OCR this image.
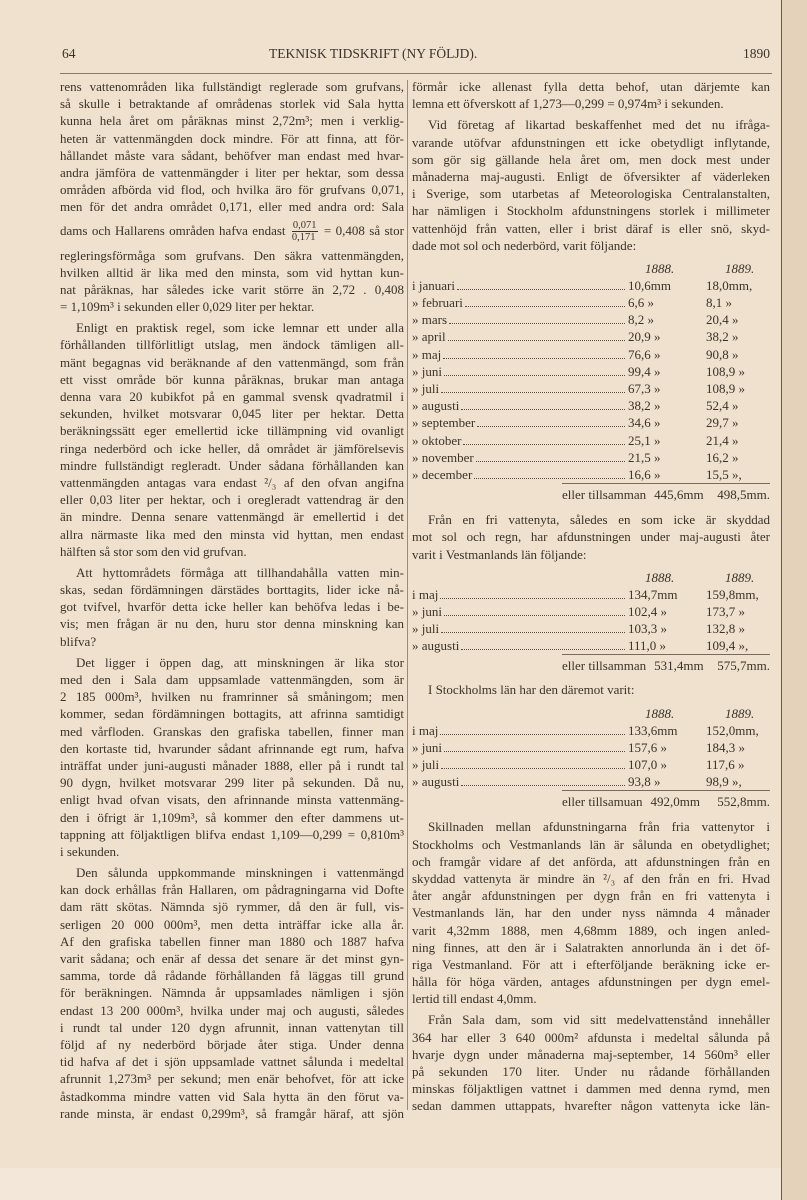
64	TEKNISK TIDSKRIFT (NY FÖLJD).	1890
rens vattenområden lika fullständigt reglerade som grufvans,
så skulle i betraktande af områdenas storlek vid Sala hytta
kunna hela året om påräknas minst 2,72m³; men i verklig-
heten är vattenmängden dock mindre. För att finna, att för-
hållandet måste vara sådant, behöfver man endast med hvar-
andra jämföra de vattenmängder i liter per hektar, som dessa
områden afbörda vid flod, och hvilka äro för grufvans 0,071,
men för det andra området 0,171, eller med andra ord: Sala
dams och Hallarens områden hafva endast $\frac{0,071}{0,171} = 0,408$ så stor
regleringsförmåga som grufvans. Den säkra vattenmängden,
hvilken alltid är lika med den minsta, som vid hyttan kun-
nat påräknas, har således icke varit större än 2,72 . 0,408
= 1,109m³ i sekunden eller 0,029 liter per hektar.
Enligt en praktisk regel, som icke lemnar ett under alla
förhållanden tillförlitligt utslag, men ändock tämligen all-
mänt begagnas vid beräknande af den vattenmängd, som från
ett visst område bör kunna påräknas, brukar man antaga
denna vara 20 kubikfot på en gammal svensk qvadratmil i
sekunden, hvilket motsvarar 0,045 liter per hektar. Detta
beräkningssätt eger emellertid icke tillämpning vid ovanligt
ringa nederbörd och icke heller, då området är jämförelsevis
mindre fullständigt regleradt. Under sådana förhållanden kan
vattenmängden antagas vara endast ²/₃ af den ofvan angifna
eller 0,03 liter per hektar, och i oregleradt vattendrag är den
än mindre. Denna senare vattenmängd är emellertid i det
allra närmaste lika med den minsta vid hyttan, men endast
hälften så stor som den vid grufvan.
Att hyttområdets förmåga att tillhandahålla vatten min-
skas, sedan fördämningen därstädes borttagits, lider icke nå-
got tvifvel, hvarför detta icke heller kan behöfva ledas i be-
vis; men frågan är nu den, huru stor denna minskning kan
blifva?
Det ligger i öppen dag, att minskningen är lika stor
med den i Sala dam uppsamlade vattenmängden, som är
2 185 000m³, hvilken nu framrinner så småningom; men
kommer, sedan fördämningen bottagits, att afrinna samtidigt
med vårfloden. Granskas den grafiska tabellen, finner man
den kortaste tid, hvarunder sådant afrinnande egt rum, hafva
inträffat under juni-augusti månader 1888, eller på i rundt tal
90 dygn, hvilket motsvarar 299 liter på sekunden. Då nu,
enligt hvad ofvan visats, den afrinnande minsta vattenmäng-
den i öfrigt är 1,109m³, så kommer den efter dammens ut-
tappning att följaktligen blifva endast 1,109—0,299 = 0,810m³
i sekunden.
Den sålunda uppkommande minskningen i vattenmängd
kan dock erhållas från Hallaren, om pådragningarna vid Dofte
dam rätt skötas. Nämnda sjö rymmer, då den är full, vis-
serligen 20 000 000m³, men detta inträffar icke alla år.
Af den grafiska tabellen finner man 1880 och 1887 hafva
varit sådana; och enär af dessa det senare är det minst gyn-
samma, torde då rådande förhållanden få läggas till grund
för beräkningen. Nämnda år uppsamlades nämligen i sjön
endast 13 200 000m³, hvilka under maj och augusti, således
i rundt tal under 120 dygn afrunnit, innan vattenytan till
följd af ny nederbörd började åter stiga. Under denna
tid hafva af det i sjön uppsamlade vattnet sålunda i medeltal
afrunnit 1,273m³ per sekund; men enär behofvet, för att icke
åstadkomma mindre vatten vid Sala hytta än den förut va-
rande minsta, är endast 0,299m³, så framgår häraf, att sjön
förmår icke allenast fylla detta behof, utan därjemte kan
lemna ett öfverskott af 1,273—0,299 = 0,974m³ i sekunden.
Vid företag af likartad beskaffenhet med det nu ifråga-
varande utöfvar afdunstningen ett icke obetydligt inflytande,
som gör sig gällande hela året om, men dock mest under
månaderna maj-augusti. Enligt de öfversikter af väderleken
i Sverige, som utarbetas af Meteorologiska Centralanstalten,
har nämligen i Stockholm afdunstningens storlek i millimeter
vattenhöjd från vatten, eller i brist däraf is eller snö, skyd-
dade mot sol och nederbörd, varit följande:
1888.	1889.
i januari	10,6mm	18,0mm,
» februari	6,6 »	8,1 »
» mars	8,2 »	20,4 »
» april	20,9 »	38,2 »
» maj	76,6 »	90,8 »
» juni	99,4 »	108,9 »
» juli	67,3 »	108,9 »
» augusti	38,2 »	52,4 »
» september	34,6 »	29,7 »
» oktober	25,1 »	21,4 »
» november	21,5 »	16,2 »
» december	16,6 »	15,5 »,
eller tillsamman 445,6mm	498,5mm.
Från en fri vattenyta, således en som icke är skyddad
mot sol och regn, har afdunstningen under maj-augusti åter
varit i Vestmanlands län följande:
1888.	1889.
i maj	134,7mm	159,8mm,
» juni	102,4 »	173,7 »
» juli	103,3 »	132,8 »
» augusti	111,0 »	109,4 »,
eller tillsamman 531,4mm	575,7mm.
I Stockholms län har den däremot varit:
1888.	1889.
i maj	133,6mm	152,0mm,
» juni	157,6 »	184,3 »
» juli	107,0 »	117,6 »
» augusti	93,8 »	98,9 »,
eller tillsamuan 492,0mm	552,8mm.
Skillnaden mellan afdunstningarna från fria vattenytor i
Stockholms och Vestmanlands län är sålunda en obetydlighet;
och framgår vidare af det anförda, att afdunstningen från en
skyddad vattenyta är mindre än ²/₃ af den från en fri. Hvad
åter angår afdunstningen per dygn från en fri vattenyta i
Vestmanlands län, har den under nyss nämnda 4 månader
varit 4,32mm 1888, men 4,68mm 1889, och ingen anled-
ning finnes, att den är i Salatrakten annorlunda än i det öf-
riga Vestmanland. För att i efterföljande beräkning icke er-
hålla för höga värden, antages afdunstningen per dygn emel-
lertid till endast 4,0mm.
Från Sala dam, som vid sitt medelvattenstånd innehåller
364 har eller 3 640 000m² afdunsta i medeltal sålunda på
hvarje dygn under månaderna maj-september, 14 560m³ eller
på sekunden 170 liter. Under nu rådande förhållanden
minskas följaktligen vattnet i dammen med denna rymd, men
sedan dammen uttappats, hvarefter någon vattenyta icke län-
